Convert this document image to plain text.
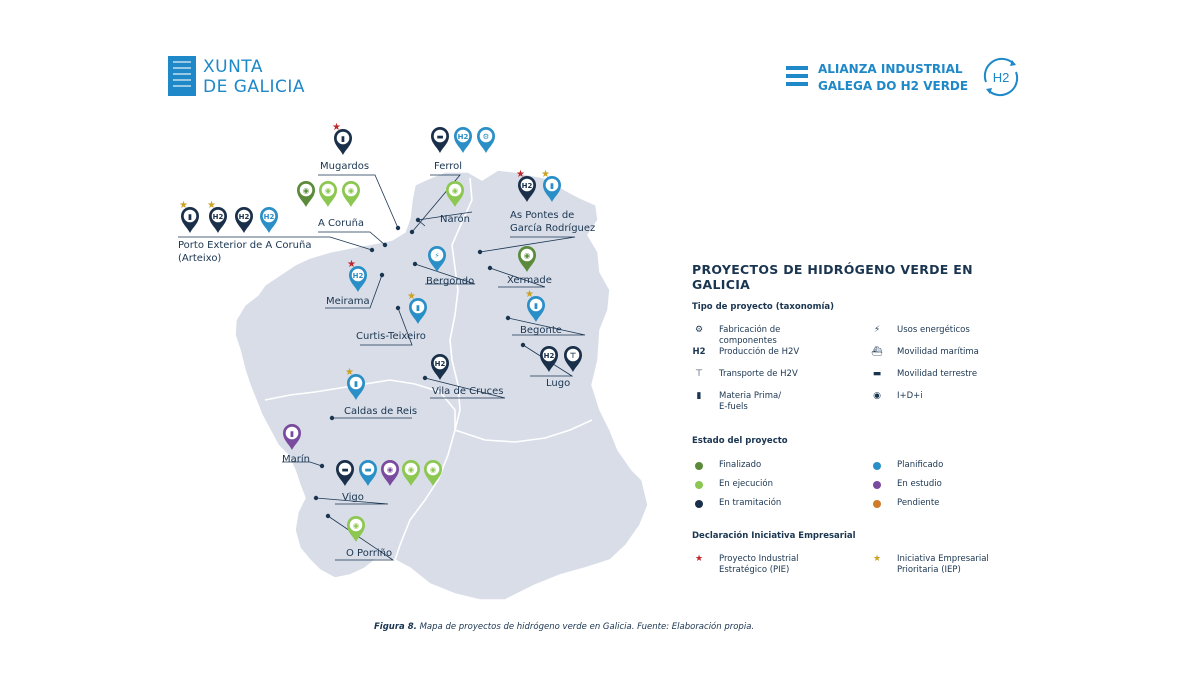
XUNTA
DE GALICIA
ALIANZA INDUSTRIAL
GALEGA DO H2 VERDE
H2
Mugardos	Ferrol
A Coruña	Narón	As Pontes de
García Rodríguez
Porto Exterior de A Coruña
(Arteixo)
Bergondo	Xermade
Meirama
Curtis-Teixeiro
Begonte
Vila de Cruces
Lugo
Caldas de Reis
Marín
Vigo
O Porriño
▮
★
▬ H2 ⚙
◉ ◉ ◉	◉	H2
★
▮
★
▮
★
H2
★
H2 H2
⚡	◉
H2
★
▮
★
▮
★
H2
H2 ⊤
▮
★
▮
▬ ▬ ◉ ◉ ◉
◉
PROYECTOS DE HIDRÓGENO VERDE EN GALICIA
Tipo de proyecto (taxonomía)
⚙	Fabricación de componentes
⚡	Usos energéticos
H2 Producción de H2V	⛴ Movilidad marítima
⊤	Transporte de H2V	▬	Movilidad terrestre
▮	Materia Prima/
E-fuels
◉	I+D+i
Estado del proyecto
Finalizado	Planificado
En ejecución	En estudio
En tramitación	Pendiente
Declaración Iniciativa Empresarial
★	Proyecto Industrial
Estratégico (PIE)
★	Iniciativa Empresarial
Prioritaria (IEP)
Figura 8. Mapa de proyectos de hidrógeno verde en Galicia. Fuente: Elaboración propia.
